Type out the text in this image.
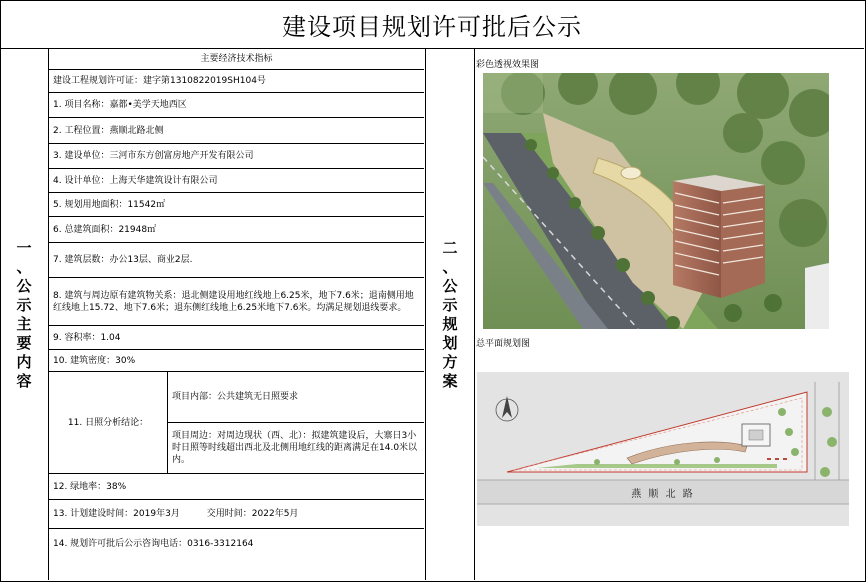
建设项目规划许可批后公示
一
、
公
示
主
要
内
容
主要经济技术指标
建设工程规划许可证：建字第1310822019SH104号
1. 项目名称：嘉都•美学天地西区
2. 工程位置：燕顺北路北侧
3. 建设单位：三河市东方创富房地产开发有限公司
4. 设计单位：上海天华建筑设计有限公司
5. 规划用地面积：11542㎡
6. 总建筑面积：21948㎡
7. 建筑层数：办公13层、商业2层.
8. 建筑与周边原有建筑物关系：退北侧建设用地红线地上6.25米，地下7.6米；退南侧用地红线地上15.72、地下7.6米；退东侧红线地上6.25米地下7.6米。均满足规划退线要求。
9. 容积率：1.04
10. 建筑密度：30%
11. 日照分析结论：
项目内部：公共建筑无日照要求
项目周边：对周边现状（西、北）：拟建筑建设后，大寨日3小时日照等时线超出西北及北侧用地红线的距离满足在14.0米以内。
12. 绿地率：38%
13. 计划建设时间：2019年3月　　　交用时间：2022年5月
14. 规划许可批后公示咨询电话：0316-3312164
二
、
公
示
规
划
方
案
彩色透视效果图
总平面规划图
燕 顺 北 路
